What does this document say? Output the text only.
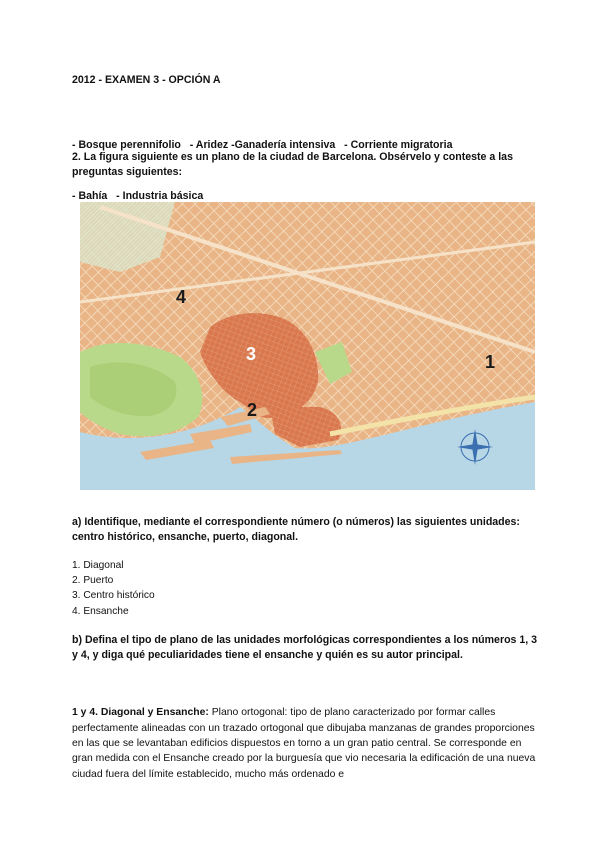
2012 - EXAMEN 3 - OPCIÓN A

- Bosque perennifolio   - Aridez -Ganadería intensiva   - Corriente migratoria

- Bahía   - Industria básica

2. La figura siguiente es un plano de la ciudad de Barcelona. Obsérvelo y conteste a las preguntas siguientes:

1
2
3
4

a) Identifique, mediante el correspondiente número (o números) las siguientes unidades: centro histórico, ensanche, puerto, diagonal.

1. Diagonal
2. Puerto
3. Centro histórico
4. Ensanche

b) Defina el tipo de plano de las unidades morfológicas correspondientes a los números 1, 3 y 4, y diga qué peculiaridades tiene el ensanche y quién es su autor principal.

1 y 4. Diagonal y Ensanche: Plano ortogonal: tipo de plano caracterizado por formar calles perfectamente alineadas con un trazado ortogonal que dibujaba manzanas de grandes proporciones en las que se levantaban edificios dispuestos en torno a un gran patio central. Se corresponde en gran medida con el Ensanche creado por la burguesía que vio necesaria la edificación de una nueva ciudad fuera del límite establecido, mucho más ordenado e
